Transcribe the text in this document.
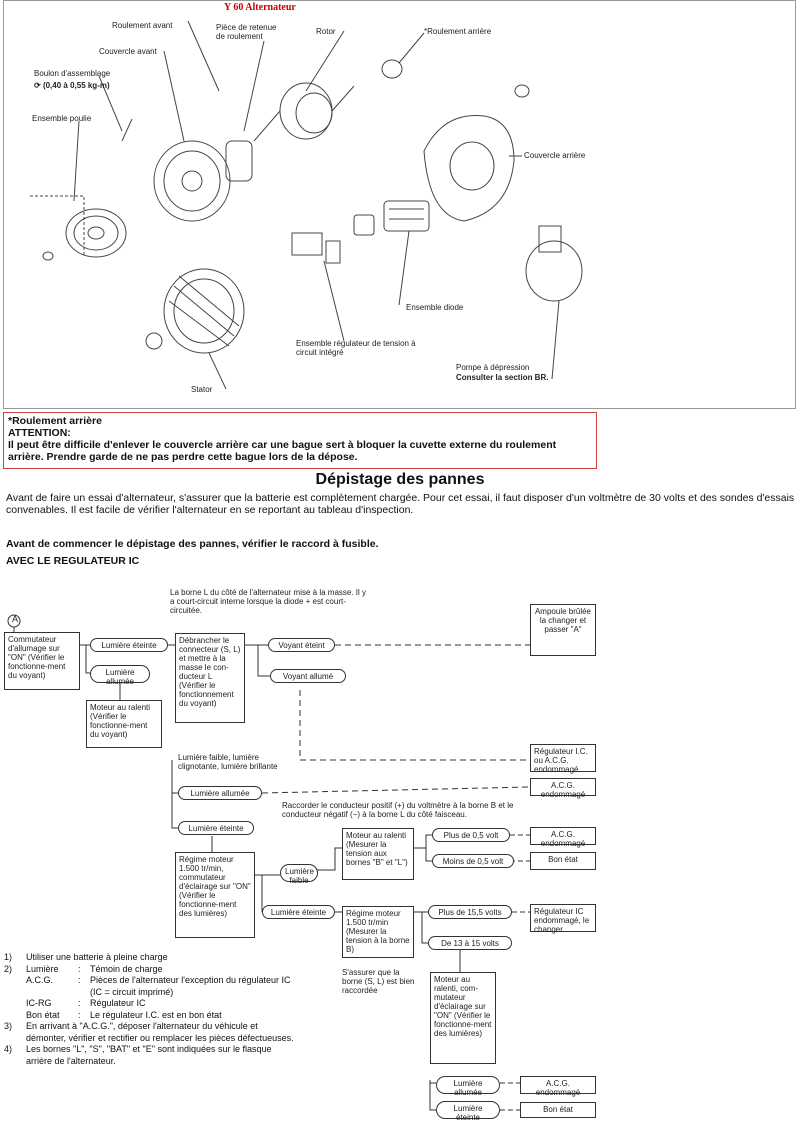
Y 60 Alternateur
Roulement avant	Pièce de retenue de roulement
Rotor	*Roulement arrière
Couvercle avant
Boulon d'assemblage
⟳ (0,40 à 0,55 kg-m)
Ensemble poulie
Couvercle arrière
Ensemble diode
Ensemble régulateur de tension à circuit intégré
Pompe à dépression
Consulter la section BR.
Stator
*Roulement arrière
ATTENTION:
Il peut être difficile d'enlever le couvercle arrière car une bague sert à bloquer la cuvette externe du roulement arrière. Prendre garde de ne pas perdre cette bague lors de la dépose.
Dépistage des pannes
Avant de faire un essai d'alternateur, s'assurer que la batterie est complètement chargée. Pour cet essai, il faut disposer d'un voltmètre de 30 volts et des sondes d'essais convenables. Il est facile de vérifier l'alternateur en se reportant au tableau d'inspection.
Avant de commencer le dépistage des pannes, vérifier le raccord à fusible.
AVEC LE REGULATEUR IC
A
Commutateur d'allumage sur "ON" (Vérifier le fonctionne-ment du voyant)
Lumière éteinte
Lumière allumée
Moteur au ralenti (Vérifier le fonctionne-ment du voyant)
La borne L du côté de l'alternateur mise à la masse. Il y a court-circuit interne lorsque la diode + est court-circuitée.
Débrancher le connecteur (S, L) et mettre à la masse le con-ducteur L (Vérifier le fonctionnement du voyant)
Voyant éteint
Voyant allumé
Ampoule brûlée la changer et passer "A"
Régulateur I.C. ou A.C.G. endommagé
Lumière faible, lumière clignotante, lumière brillante
Lumière allumée
A.C.G. endommagé
Raccorder le conducteur positif (+) du voltmètre à la borne B et le conducteur négatif (−) à la borne L du côté faisceau.
Lumière éteinte
Moteur au ralenti (Mesurer la tension aux bornes "B" et "L")
Plus de 0,5 volt	A.C.G. endommagé
Moins de 0,5 volt	Bon état
Régime moteur 1.500 tr/min, commutateur d'éclairage sur "ON" (Vérifier le fonctionne-ment des lumières)
Lumière faible
Lumière éteinte	Régime moteur 1.500 tr/min (Mesurer la tension à la borne B)
Plus de 15,5 volts	Régulateur IC endommagé, le changer
De 13 à 15 volts
S'assurer que la borne (S, L) est bien raccordée
Moteur au ralenti, com-mutateur d'éclairage sur "ON" (Vérifier le fonctionne-ment des lumières)
Lumière allumée
A.C.G. endommagé
Lumière éteinte
Bon état
1)	Utiliser une batterie à pleine charge
2)	Lumière	:	Témoin de charge
A.C.G.	:	Pièces de l'alternateur l'exception du régulateur IC (IC = circuit imprimé)
IC-RG	:	Régulateur IC
Bon état	:	Le régulateur I.C. est en bon état
3)	En arrivant à "A.C.G.", déposer l'alternateur du véhicule et démonter, vérifier et rectifier ou remplacer les pièces défectueuses.
4)	Les bornes "L", "S", "BAT" et "E" sont indiquées sur le flasque arrière de l'alternateur.
